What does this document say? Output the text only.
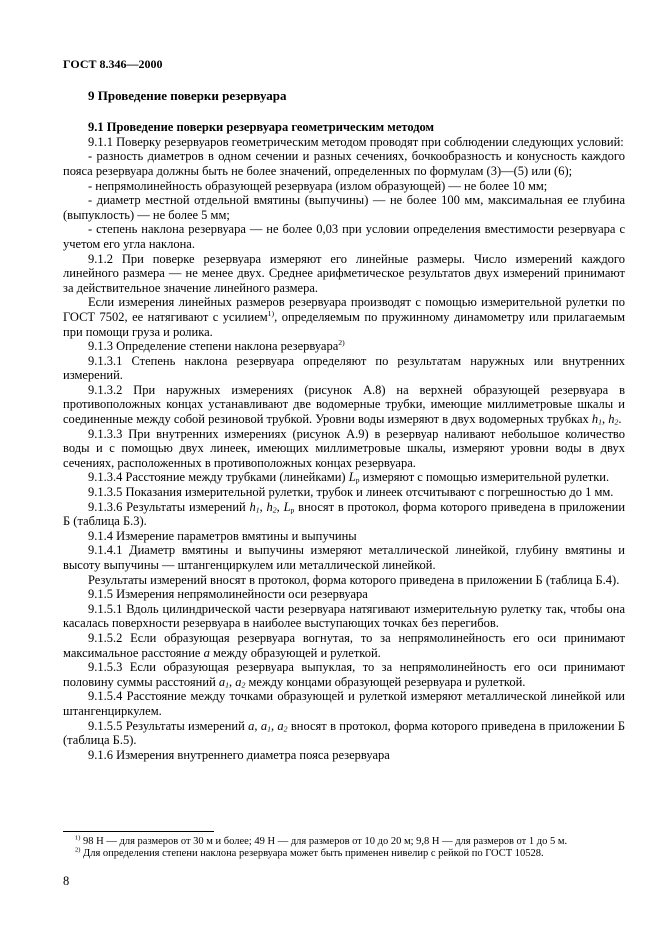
ГОСТ 8.346—2000
9 Проведение поверки резервуара
9.1 Проведение поверки резервуара геометрическим методом

9.1.1 Поверку резервуаров геометрическим методом проводят при соблюдении следующих условий:

- разность диаметров в одном сечении и разных сечениях, бочкообразность и конусность каждого пояса резервуара должны быть не более значений, определенных по формулам (3)—(5) или (6);

- непрямолинейность образующей резервуара (излом образующей) — не более 10 мм;

- диаметр местной отдельной вмятины (выпучины) — не более 100 мм, максимальная ее глубина (выпуклость) — не более 5 мм;

- степень наклона резервуара — не более 0,03 при условии определения вместимости резервуара с учетом его угла наклона.

9.1.2 При поверке резервуара измеряют его линейные размеры. Число измерений каждого линейного размера — не менее двух. Среднее арифметическое результатов двух измерений принимают за действительное значение линейного размера.

Если измерения линейных размеров резервуара производят с помощью измерительной рулетки по ГОСТ 7502, ее натягивают с усилием$^{1)}$, определяемым по пружинному динамометру или прилагаемым при помощи груза и ролика.

9.1.3 Определение степени наклона резервуара$^{2)}$

9.1.3.1 Степень наклона резервуара определяют по результатам наружных или внутренних измерений.

9.1.3.2 При наружных измерениях (рисунок А.8) на верхней образующей резервуара в противоположных концах устанавливают две водомерные трубки, имеющие миллиметровые шкалы и соединенные между собой резиновой трубкой. Уровни воды измеряют в двух водомерных трубках $h_1$, $h_2$.

9.1.3.3 При внутренних измерениях (рисунок А.9) в резервуар наливают небольшое количество воды и с помощью двух линеек, имеющих миллиметровые шкалы, измеряют уровни воды в двух сечениях, расположенных в противоположных концах резервуара.

9.1.3.4 Расстояние между трубками (линейками) $L_р$ измеряют с помощью измерительной рулетки.

9.1.3.5 Показания измерительной рулетки, трубок и линеек отсчитывают с погрешностью до 1 мм.

9.1.3.6 Результаты измерений $h_1$, $h_2$, $L_р$ вносят в протокол, форма которого приведена в приложении Б (таблица Б.3).

9.1.4 Измерение параметров вмятины и выпучины

9.1.4.1 Диаметр вмятины и выпучины измеряют металлической линейкой, глубину вмятины и высоту выпучины — штангенциркулем или металлической линейкой.

Результаты измерений вносят в протокол, форма которого приведена в приложении Б (таблица Б.4).

9.1.5 Измерения непрямолинейности оси резервуара

9.1.5.1 Вдоль цилиндрической части резервуара натягивают измерительную рулетку так, чтобы она касалась поверхности резервуара в наиболее выступающих точках без перегибов.

9.1.5.2 Если образующая резервуара вогнутая, то за непрямолинейность его оси принимают максимальное расстояние a между образующей и рулеткой.

9.1.5.3 Если образующая резервуара выпуклая, то за непрямолинейность его оси принимают половину суммы расстояний $a_1$, $a_2$ между концами образующей резервуара и рулеткой.

9.1.5.4 Расстояние между точками образующей и рулеткой измеряют металлической линейкой или штангенциркулем.

9.1.5.5 Результаты измерений a, $a_1$, $a_2$ вносят в протокол, форма которого приведена в приложении Б (таблица Б.5).

9.1.6 Измерения внутреннего диаметра пояса резервуара

$^{1)}$ 98 Н — для размеров от 30 м и более; 49 Н — для размеров от 10 до 20 м; 9,8 Н — для размеров от 1 до 5 м.

$^{2)}$ Для определения степени наклона резервуара может быть применен нивелир с рейкой по ГОСТ 10528.

8
